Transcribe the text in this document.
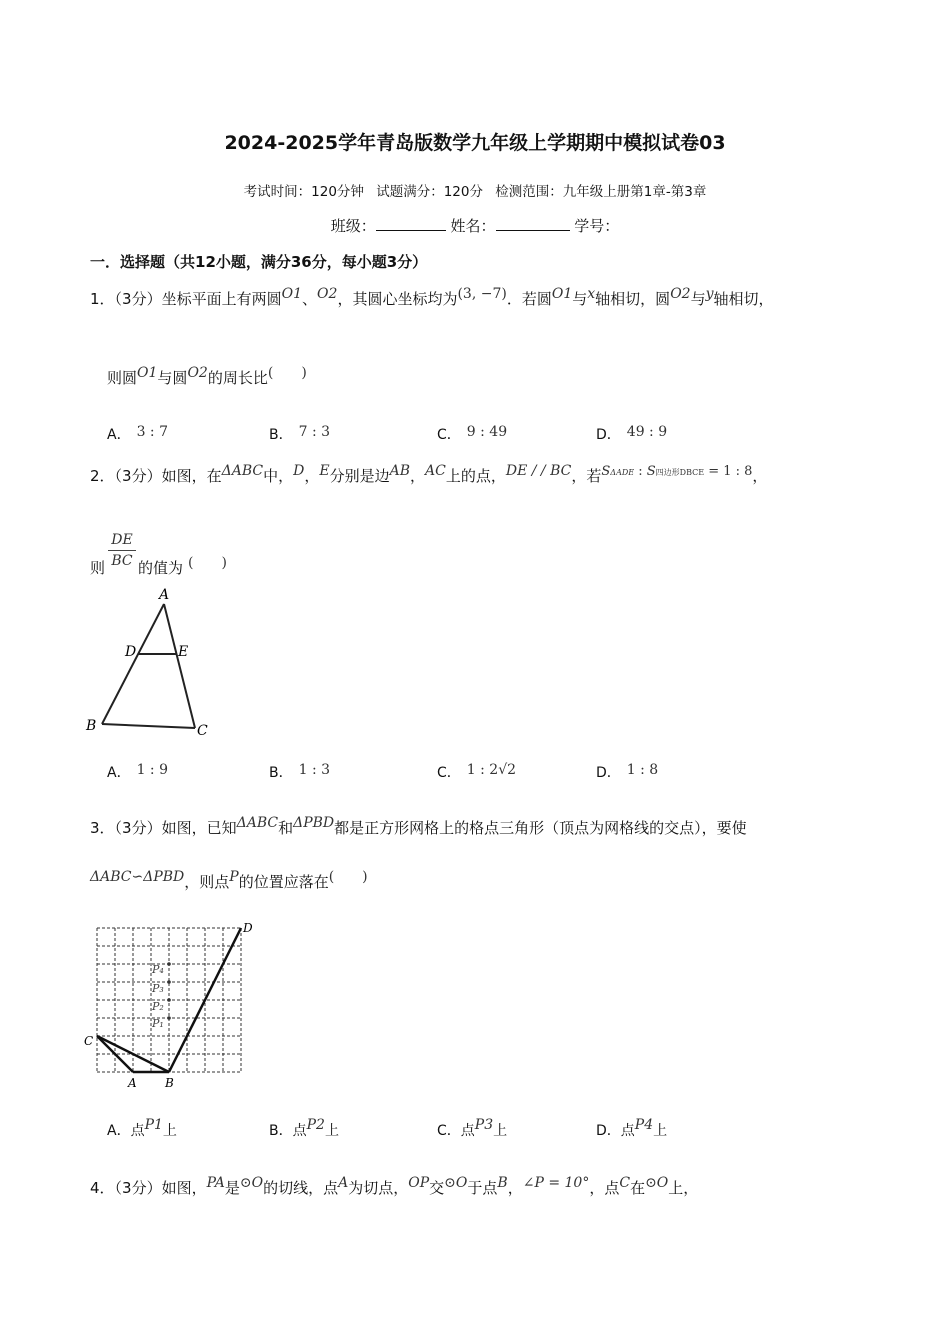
2024-2025学年青岛版数学九年级上学期期中模拟试卷03
考试时间：120分钟 试题满分：120分 检测范围：九年级上册第1章-第3章
班级：	姓名：	学号：
一．选择题（共12小题，满分36分，每小题3分）
1．（3分）坐标平面上有两圆O1、O2，其圆心坐标均为(3, −7)．若圆O1与x轴相切，圆O2与y轴相切，
则圆O1与圆O2的周长比(　　)
A． 3 : 7	B． 7 : 3	C． 9 : 49	D． 49 : 9
2．（3分）如图，在ΔABC中，D，E分别是边AB，AC上的点，DE / / BC，若SΔADE : S四边形DBCE = 1 : 8，
则
DE
BC 的值为 (　　)
A
D	E
B	C
A． 1 : 9	B． 1 : 3	C． 1 : 2√2	D． 1 : 8
3．（3分）如图，已知ΔABC和ΔPBD都是正方形网格上的格点三角形（顶点为网格线的交点），要使
ΔABC∽ΔPBD，则点P的位置应落在(　　)
P₁
P₂
P₃
P₄
C
A B
D
A．点P1上	B．点P2上	C．点P3上	D．点P4上
4．（3分）如图，PA是⊙O的切线，点A为切点，OP交⊙O于点B，∠P = 10°，点C在⊙O上，
